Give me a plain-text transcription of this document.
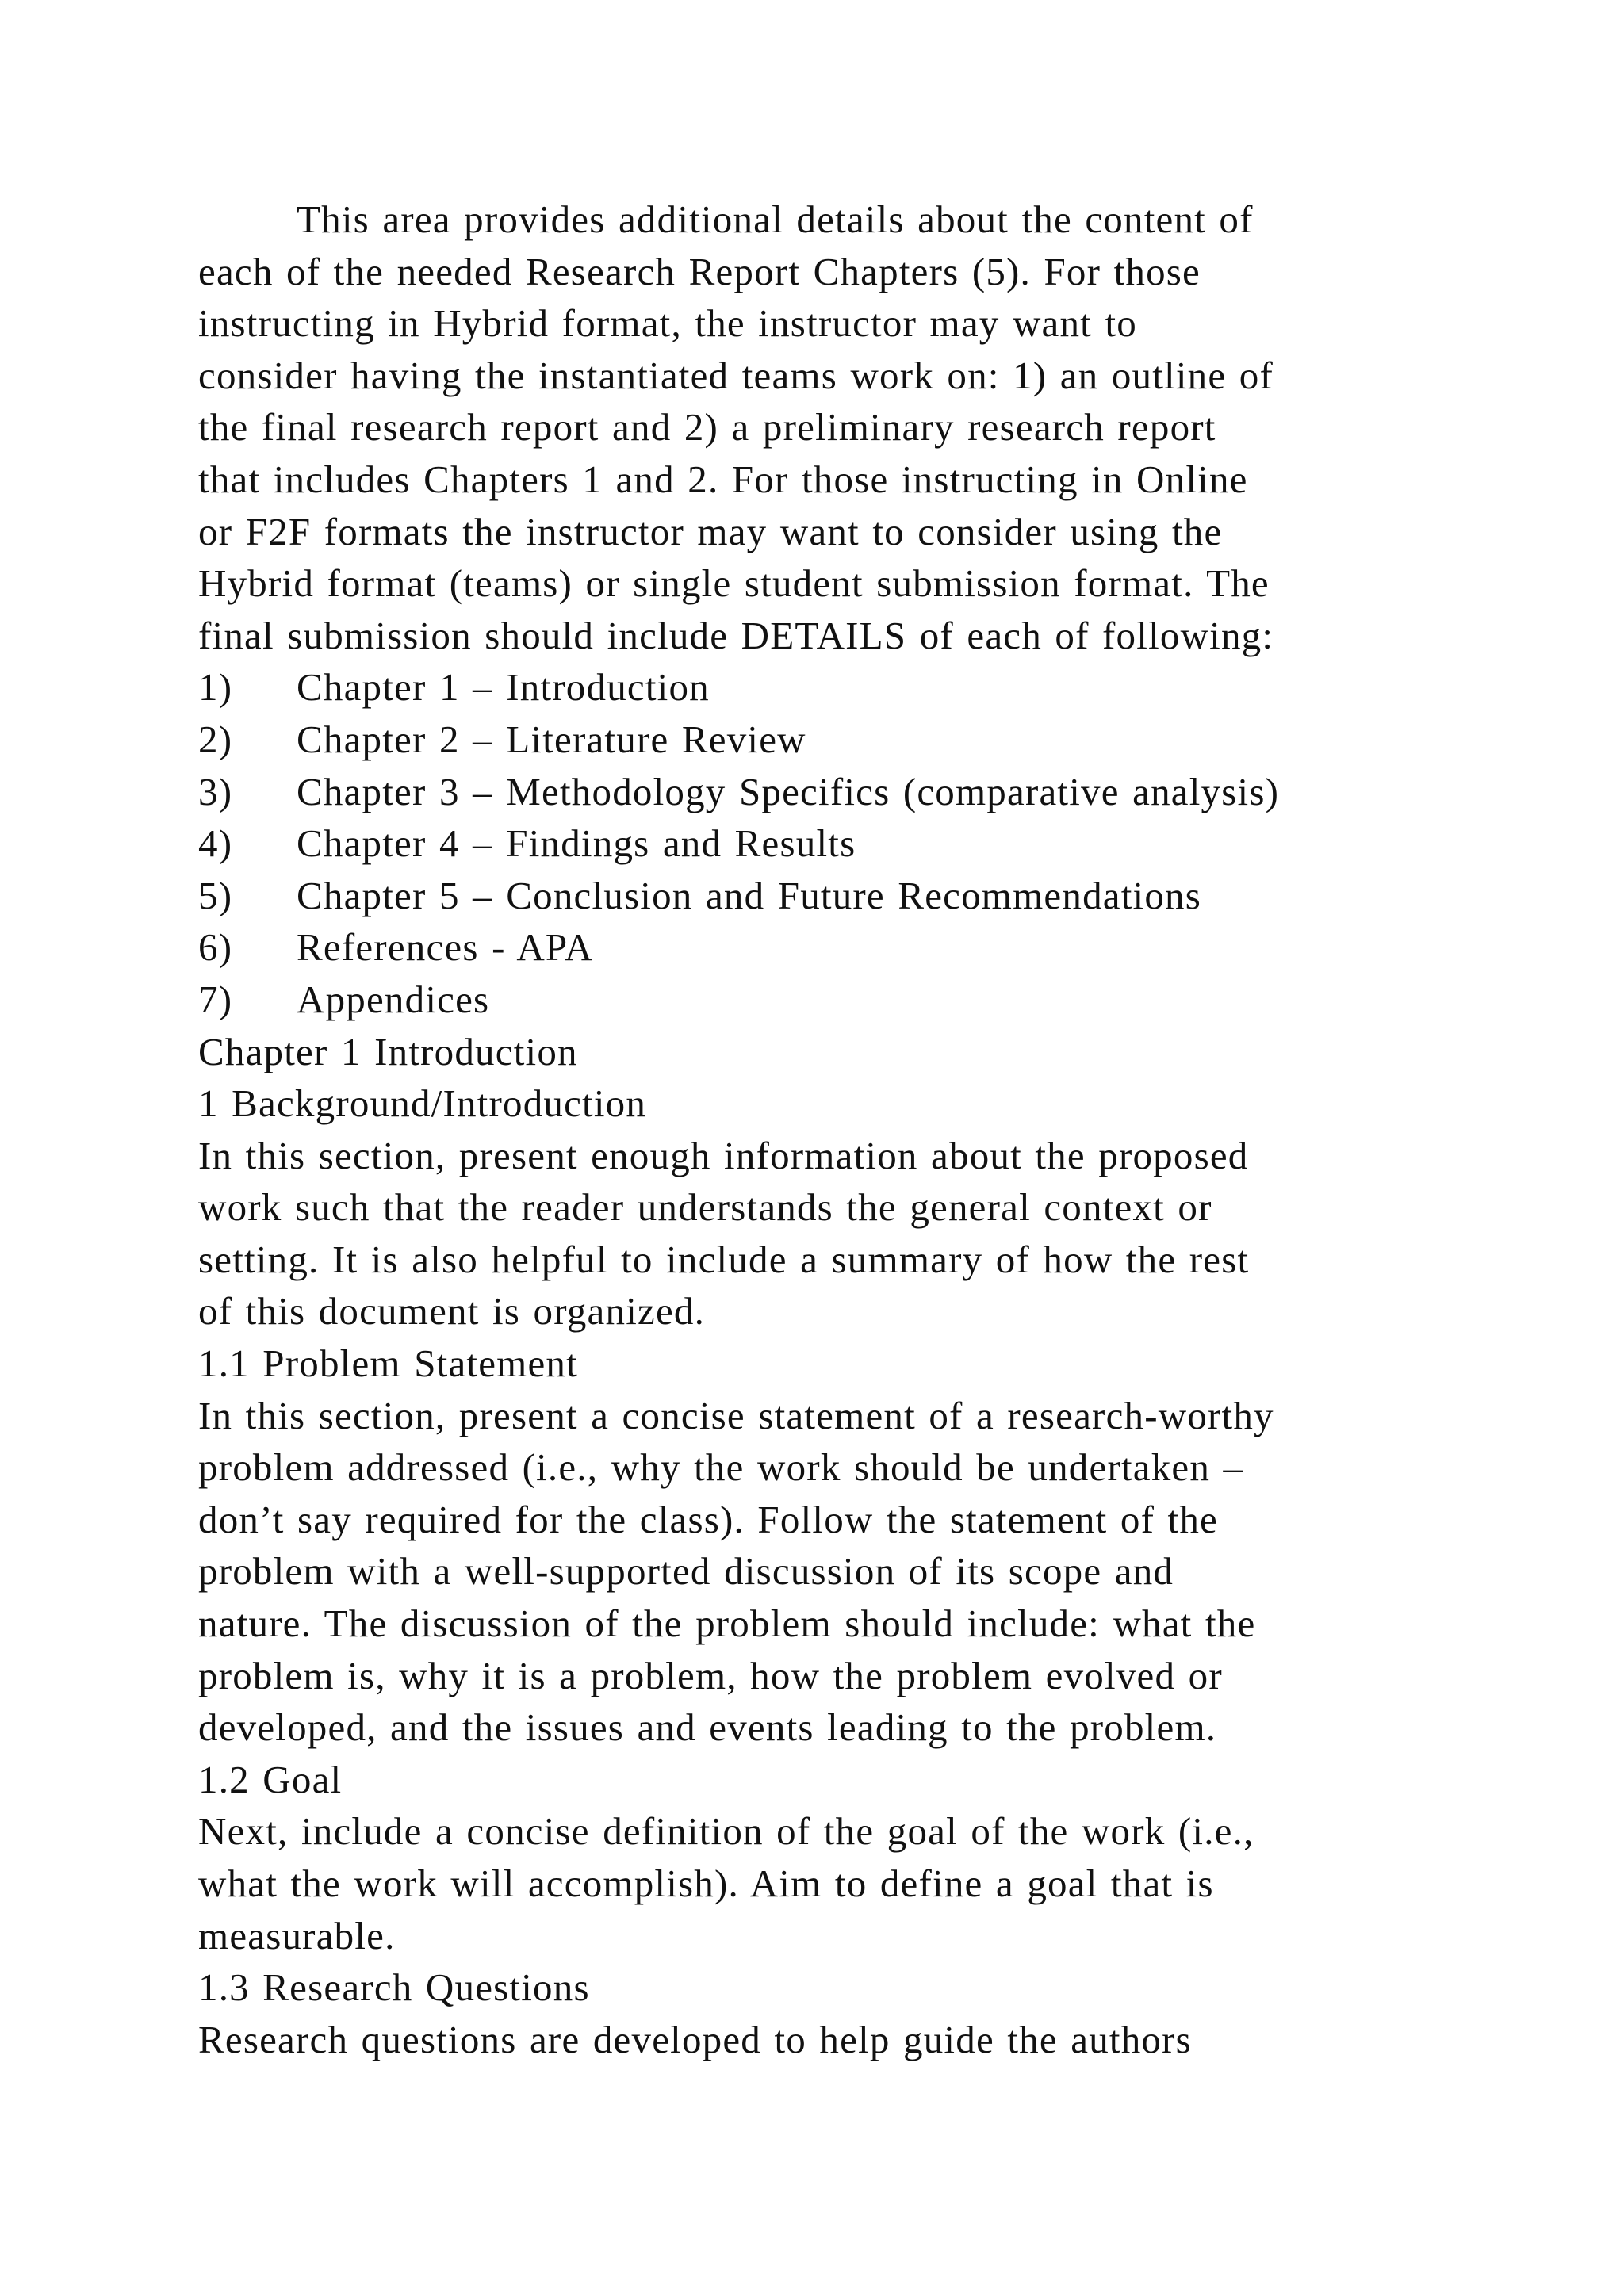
This area provides additional details about the content of
each of the needed Research Report Chapters (5). For those
instructing in Hybrid format, the instructor may want to
consider having the instantiated teams work on: 1) an outline of
the final research report and 2) a preliminary research report
that includes Chapters 1 and 2. For those instructing in Online
or F2F formats the instructor may want to consider using the
Hybrid format (teams) or single student submission format. The
final submission should include DETAILS of each of following:
1) Chapter 1 – Introduction
2) Chapter 2 – Literature Review
3) Chapter 3 – Methodology Specifics (comparative analysis)
4) Chapter 4 – Findings and Results
5) Chapter 5 – Conclusion and Future Recommendations
6) References - APA
7) Appendices
Chapter 1 Introduction
1 Background/Introduction
In this section, present enough information about the proposed
work such that the reader understands the general context or
setting. It is also helpful to include a summary of how the rest
of this document is organized.
1.1 Problem Statement
In this section, present a concise statement of a research-worthy
problem addressed (i.e., why the work should be undertaken –
don’t say required for the class). Follow the statement of the
problem with a well-supported discussion of its scope and
nature. The discussion of the problem should include: what the
problem is, why it is a problem, how the problem evolved or
developed, and the issues and events leading to the problem.
1.2 Goal
Next, include a concise definition of the goal of the work (i.e.,
what the work will accomplish). Aim to define a goal that is
measurable.
1.3 Research Questions
Research questions are developed to help guide the authors
